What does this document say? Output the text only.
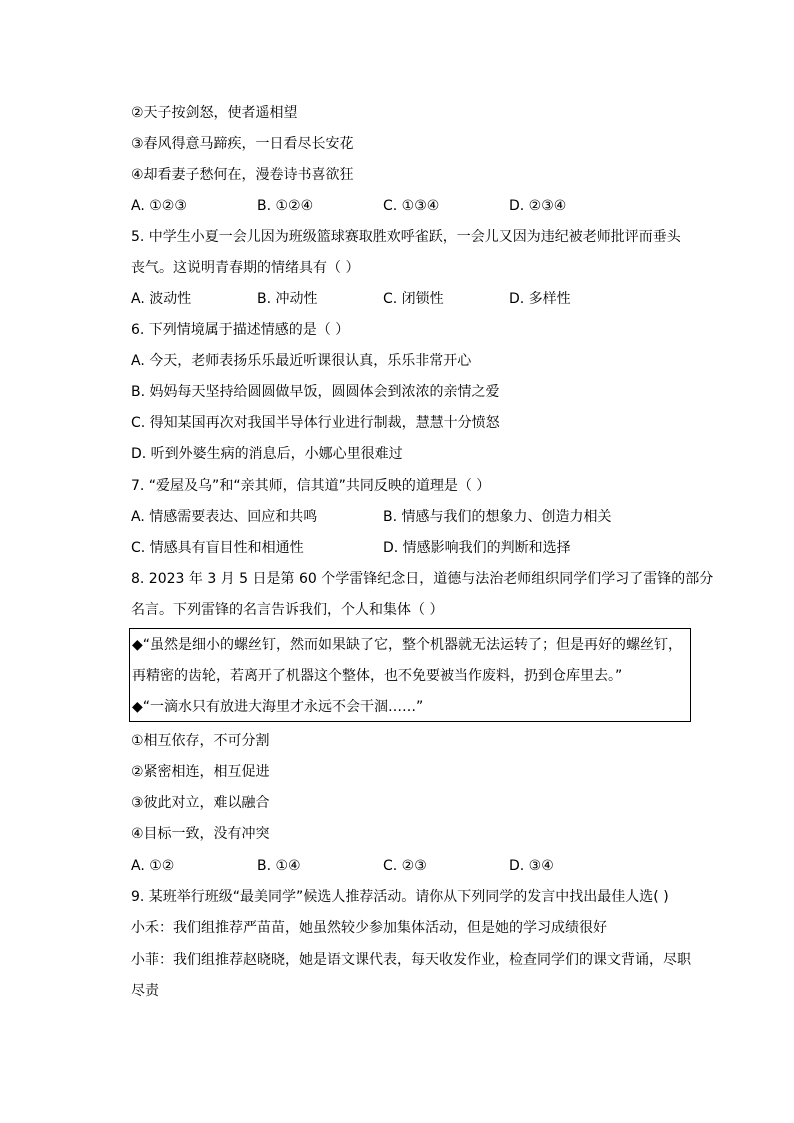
②天子按剑怒，使者遥相望
③春风得意马蹄疾，一日看尽长安花
④却看妻子愁何在，漫卷诗书喜欲狂
A. ①②③	B. ①②④	C. ①③④	D. ②③④
5. 中学生小夏一会儿因为班级篮球赛取胜欢呼雀跃，一会儿又因为违纪被老师批评而垂头
丧气。这说明青春期的情绪具有（ ）
A. 波动性	B. 冲动性	C. 闭锁性	D. 多样性
6. 下列情境属于描述情感的是（ ）
A. 今天，老师表扬乐乐最近听课很认真，乐乐非常开心
B. 妈妈每天坚持给圆圆做早饭，圆圆体会到浓浓的亲情之爱
C. 得知某国再次对我国半导体行业进行制裁，慧慧十分愤怒
D. 听到外婆生病的消息后，小娜心里很难过
7. “爱屋及乌”和“亲其师，信其道”共同反映的道理是（ ）
A. 情感需要表达、回应和共鸣	B. 情感与我们的想象力、创造力相关
C. 情感具有盲目性和相通性	D. 情感影响我们的判断和选择
8. 2023 年 3 月 5 日是第 60 个学雷锋纪念日，道德与法治老师组织同学们学习了雷锋的部分
名言。下列雷锋的名言告诉我们，个人和集体（ ）
◆“虽然是细小的螺丝钉，然而如果缺了它，整个机器就无法运转了；但是再好的螺丝钉，
再精密的齿轮，若离开了机器这个整体，也不免要被当作废料，扔到仓库里去。”
◆“一滴水只有放进大海里才永远不会干涸……”
①相互依存，不可分割
②紧密相连，相互促进
③彼此对立，难以融合
④目标一致，没有冲突
A. ①②	B. ①④	C. ②③	D. ③④
9. 某班举行班级“最美同学”候选人推荐活动。请你从下列同学的发言中找出最佳人选( )
小禾：我们组推荐严苗苗，她虽然较少参加集体活动，但是她的学习成绩很好
小菲：我们组推荐赵晓晓，她是语文课代表，每天收发作业，检查同学们的课文背诵，尽职
尽责
